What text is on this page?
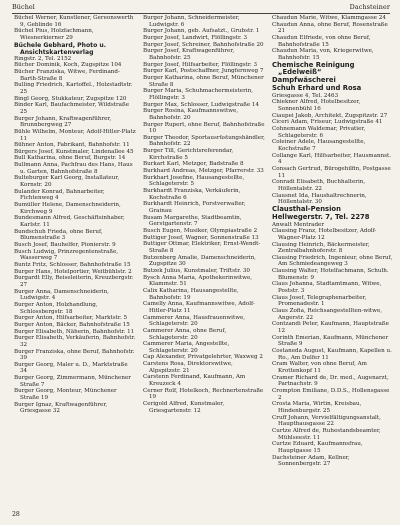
Büchel	Dachsteiner

Büchel Werner, Kunstlener, Gereonswerth 9, Geblinde 16

Büchel Pius, Holzfachmann, Wiesnerkierner 29

Büchele Gebhard, Photo u. Ansichtskartenverlag

Ringstr. 2, Tel. 2152

Bücher Dominik, Koch, Zugspitze 104

Bücher Franziska, Witwe, Ferdinand-Barth-Straße 8

Bulling Friedrich, Kartoffel., Holzstadtstr. 25

Bingl Georg, Stukkateur, Zugspitze 120

Binder Karl, Baufachmeister, Wildstraße 25

Burger Johann, Kraftwagenführer, Brunnbergweg 27

Bühle Wilhelm, Monteur, Adolf-Hitler-Platz 11

Bühner Anton, Fabrikant, Bahnhofstr. 11

Bürgers Josef, Kunstmaler, Lindenallee 45

Bull Katharina, ohne Beruf, Burgstr. 14

Bullmann Anna, Pachfrau des Hans, Haus u. Garten, Bahnhofstraße 8

Bulteburger Karl Georg, Installateur, Kornstr. 20

Bulander Konrad, Bahnarbeiter, Fichtenweg 4

Bumüller Helene, Damenschneiderin, Kirchweg 9

Bundesmann Alfred, Geschäftsinhaber, Karlstr. 11

Bundschuh Frieda, ohne Beruf, Blumenstraße 3

Busch Josef, Bauhelfer, Pionierstr. 9

Busch Ludwig, Prinzregentenstraße, Wasserweg 7

Buntz Fritz, Schlosser, Bahnhofstraße 15

Burger Hans, Hotelportier, Weitbühlstr. 2

Burgardt Elly, Reiseleiterin, Kreuzbergstr. 27

Burger Anna, Damenschneiderin, Ludwigstr. 4

Burger Anton, Holzhandlung, Schlossbergstr. 18

Burger Anton, Hilfsarbeiter, Marktstr. 5

Burger Anton, Bäcker, Bahnhofstraße 15

Burger Elisabeth, Näherin, Bahnhofstr. 11

Burger Elisabeth, Verkäuferin, Bahnhofstr. 32

Burger Franziska, ohne Beruf, Bahnhofstr. 39

Burger Georg, Maler u. D., Marktstraße 34

Burger Georg, Zimmermann, Münchener Straße 7

Burger Georg, Monteur, Münchener Straße 19

Burger Ignaz, Kraftwagenführer, Griesgasse 32

Burger Johann, Schneidermeister, Ludwigstr. 6

Burger Johann, geb. Aufsatzt., Grubstr. 1

Burger Josef, Landwirt, Flöllingstr. 3

Burger Josef, Schreiner, Bahnhofstraße 20

Burger Josef, Kraftwagenführer, Bahnhofstr. 25

Burger Josef, Hilfsarbeiter, Flöllingstr. 3

Burger Karl, Postschaffner, Jungfernweg 7

Burger Katharina, ohne Beruf, Münchener Straße 8

Burger Maria, Schuhmachermeisterin, Flöllingstr. 3

Burger Max, Schlosser, Ludwigstraße 14

Burger Rosina, Kaufmannswitwe, Bahnhofstr. 20

Burger Rupert, ohne Beruf, Bahnhofstraße 10

Burger Theodor, Sportausrüstungshändler, Bahnhofstr. 22

Burger Till, Gerichtsreferendar, Kirchstraße 5

Burkart Karl, Metzger, Badstraße 8

Burkhard Andreas, Metzger, Pfarrerstr. 33

Burkhart Josefine, Hausangestellte, Schlageterstr. 5

Burkhardt Franziska, Verkäuferin, Kochstraße 6

Burkhardt Heinrich, Forstverwalter, Grainau

Busam Margarethe, Stadtbeamtin, Gerstgartenstr. 7

Busch Eugen, Musiker, Olympiastraße 2

Buttiger Josef, Wagner, Sonnenstraße 13

Buttiger Ottmar, Elektriker, Ernst-Wendt-Straße 8

Butzenberg Amalie, Damenschneiderin, Zugspitze 30

Butzek Julius, Kunstmaler, Triftstr. 30

Bysch Anna Maria, Apothekerinwitwe, Klammstr. 51

Calix Katharina, Hausangestellte, Bahnhofstr. 19

Camelly Anna, Kaufmannswitwe, Adolf-Hitler-Platz 11

Cammerer Anna, Hausfrauenwitwe, Schlageterstr. 20

Cammerer Anna, ohne Beruf, Schlageterstr. 20

Cammerer Maria, Angestellte, Schlageterstr. 20

Cap Alexander, Privatgelehrter, Waxweg 2

Carstens Rosa, Direktorswitwe, Alpspitzstr. 21

Carstenn Ferdinand, Kaufmann, Am Kreuzeck 4

Cerner Rolf, Hotelkoch, Rechnertenstraße 19

Cerigold Alfred, Kunstmaler, Griesgartenstr. 12

Chaudun Marie, Witwe, Klammgasse 24

Chaudun Anna, ohne Beruf, Rosenstraße 21

Chaudun Elfriede, von ohne Beruf, Bahnhofstraße 15

Chaudun Maria, von, Kriegerwitwe, Bahnhofstr. 15

Chemische Reinigung „Edelweiß“

Dampfwäscherei

Schuh Erhard und Rosa

Griesgasse 4, Tel. 2463

Chiekner Alfred, Hotelbesitzer, Sonnenbühl 16

Ciaupei Jakob, Architekt, Zugspitzstr. 27

Ciceri Adam, Friseur, Ludwigstraße 41

Cohnemann Waldemar, Privatier, Schlageterstr. 6

Coleiner Adele, Hausangestellte, Kochstraße 7

Collange Karl, Hilfsarbeiter, Hausmannst. 4

Consach Gertrud, Bürogehilfin, Postgasse 11

Conradi Elisabeth, Buchhalterin, Höllentalstr. 22

Clausnet Ida, Haushaltrechnerin, Höllentalstr. 30

Clausthal-Pension

Hellwegerstr. 7, Tel. 2278

Anwalt Mentrader

Clausing Franz, Hotelbesitzer, Adolf-Wagner-Platz 12

Clausing Heinrich, Bäckermeister, Zentralbahnhoferstr. 8

Clausing Friedrich, Ingenieur, ohne Beruf, Am Schmiedeangeweg 3

Clausing Walter, Hotelfachmann, Schulh. Blumenstr. 9

Claus Johanna, Stadtamtmann, Witwe, Poststr. 3

Claus Josef, Telegraphenarbeiter, Promenadestr. 1

Claus Zofia, Reichsangestellten-witwe, Angerstr. 22

Contzandi Peter, Kaufmann, Hauptstraße 12

Corinth Emerian, Kaufmann, Münchener Straße 9

Costaneda August, Kaufmann, Kapellen u. Ro., Am Dulfer 11

Cram Walter, von ohne Beruf, Am Krottenkopf 11

Cramer Richard de, Dr. med., Augenarzt, Partnachstr. 9

Crompton Emiliane, D.D.S., Hollensgasse 2

Crosta Maria, Wirtin, Kreisbau, Hindenburgstr. 25

Cruff Johann, Vervielfältigungsanstalt, Haupthausgasse 22

Curtze Alfred de, Ruhestandsbeamter, Mühlseestr. 11

Curtze Eduard, Kaufmannsfrau, Hauptgasse 15

Dachsteiner Adam, Kellner, Sonnenbergstr. 27

28
